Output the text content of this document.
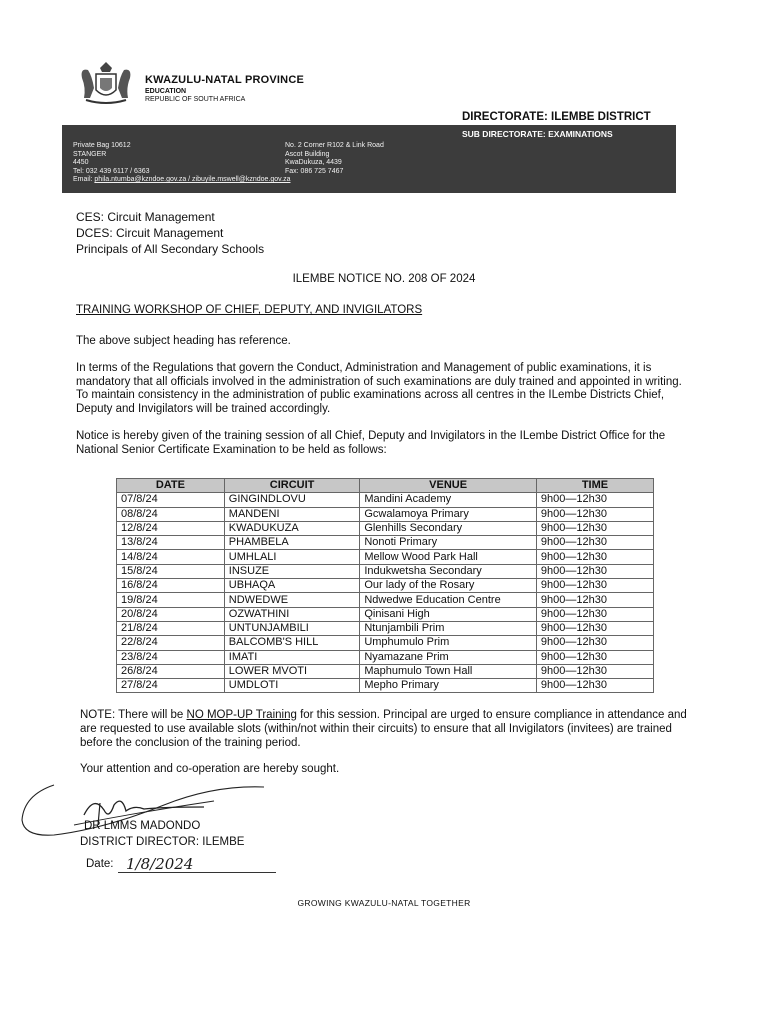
KWAZULU-NATAL PROVINCE
EDUCATION
REPUBLIC OF SOUTH AFRICA
DIRECTORATE: ILEMBE DISTRICT
SUB DIRECTORATE: EXAMINATIONS
Private Bag 10612
STANGER
4450
Tel: 032 439 6117 / 6363
No. 2 Corner R102 & Link Road
Ascot Building
KwaDukuza, 4439
Fax: 086 725 7467
Email: phila.ntumba@kzndoe.gov.za / zibuyile.mswell@kzndoe.gov.za
CES: Circuit Management
DCES: Circuit Management
Principals of All Secondary Schools
ILEMBE NOTICE NO. 208 OF 2024
TRAINING WORKSHOP OF CHIEF, DEPUTY, AND INVIGILATORS
The above subject heading has reference.
In terms of the Regulations that govern the Conduct, Administration and Management of public examinations, it is mandatory that all officials involved in the administration of such examinations are duly trained and appointed in writing. To maintain consistency in the administration of public examinations across all centres in the ILembe Districts Chief, Deputy and Invigilators will be trained accordingly.
Notice is hereby given of the training session of all Chief, Deputy and Invigilators in the ILembe District Office for the National Senior Certificate Examination to be held as follows:
DATE	CIRCUIT	VENUE	TIME
07/8/24	GINGINDLOVU	Mandini Academy	9h00—12h30
08/8/24	MANDENI	Gcwalamoya Primary	9h00—12h30
12/8/24	KWADUKUZA	Glenhills Secondary	9h00—12h30
13/8/24	PHAMBELA	Nonoti Primary	9h00—12h30
14/8/24	UMHLALI	Mellow Wood Park Hall	9h00—12h30
15/8/24	INSUZE	Indukwetsha Secondary	9h00—12h30
16/8/24	UBHAQA	Our lady of the Rosary	9h00—12h30
19/8/24	NDWEDWE	Ndwedwe Education Centre	9h00—12h30
20/8/24	OZWATHINI	Qinisani High	9h00—12h30
21/8/24	UNTUNJAMBILI	Ntunjambili Prim	9h00—12h30
22/8/24	BALCOMB'S HILL	Umphumulo Prim	9h00—12h30
23/8/24	IMATI	Nyamazane Prim	9h00—12h30
26/8/24	LOWER MVOTI	Maphumulo Town Hall	9h00—12h30
27/8/24	UMDLOTI	Mepho Primary	9h00—12h30
NOTE: There will be NO MOP-UP Training for this session. Principal are urged to ensure compliance in attendance and are requested to use available slots (within/not within their circuits) to ensure that all Invigilators (invitees) are trained before the conclusion of the training period.
Your attention and co-operation are hereby sought.
DR LMMS MADONDO
DISTRICT DIRECTOR: ILEMBE
Date: 1/8/2024
GROWING KWAZULU-NATAL TOGETHER
